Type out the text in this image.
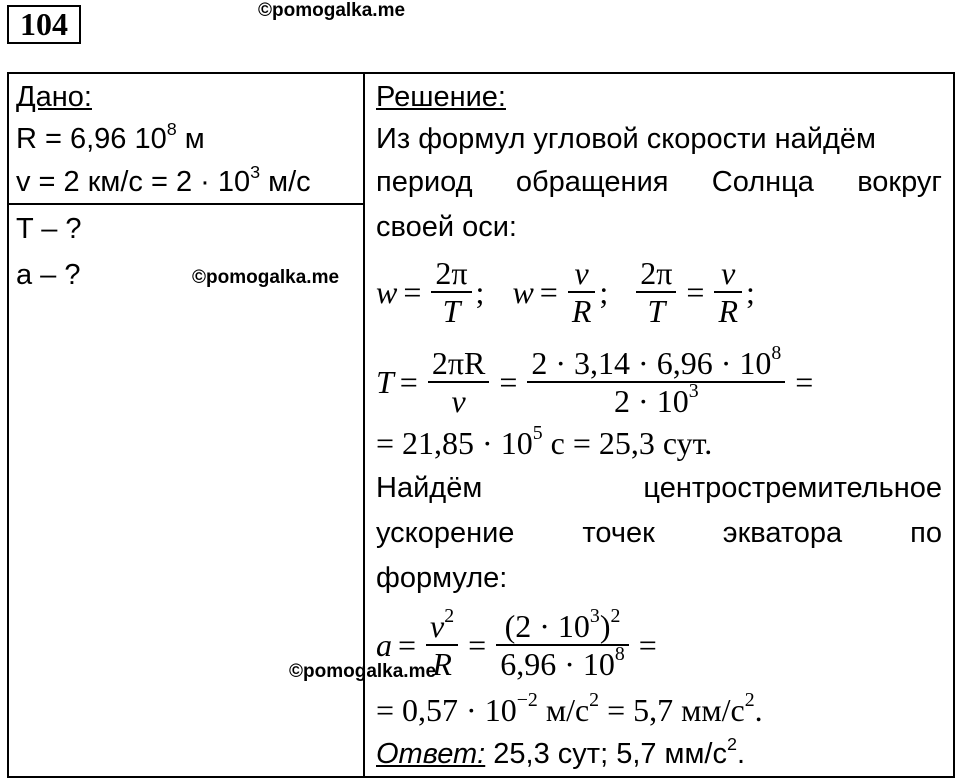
104	©pomogalka.me
Дано:
R = 6,96 $10^8$ м
v = 2 $км/с = 2 \cdot 10^3$ м/с
T – ?
a – ?	©pomogalka.me
Решение:
Из формул угловой скорости найдём
период обращения Солнца вокруг
своей оси:
$w = \frac{2\pi}{T}$ ; $w = \frac{v}{R}$ ; $\frac{2\pi}{T} = \frac{v}{R}$ ;
$T = \frac{2\pi R}{v} = \frac{2 \cdot 3,14 \cdot 6,96 \cdot 10^8}{2 \cdot 10^3}$ =
= $21,85 \cdot 10^5$ с = 25,3 сут.
Найдём	центростремительное
ускорение точек экватора по
формуле:
$a = \frac{v^2}{R} = \frac{(2 \cdot 10^3)^2}{6,96 \cdot 10^8}$ =
©pomogalka.me
= $0,57 \cdot 10^{-2}$ $м/с^2 = 5,7$ $мм/с^2$.
Ответ: 25,3 сут; 5,7 $мм/с^2$.
